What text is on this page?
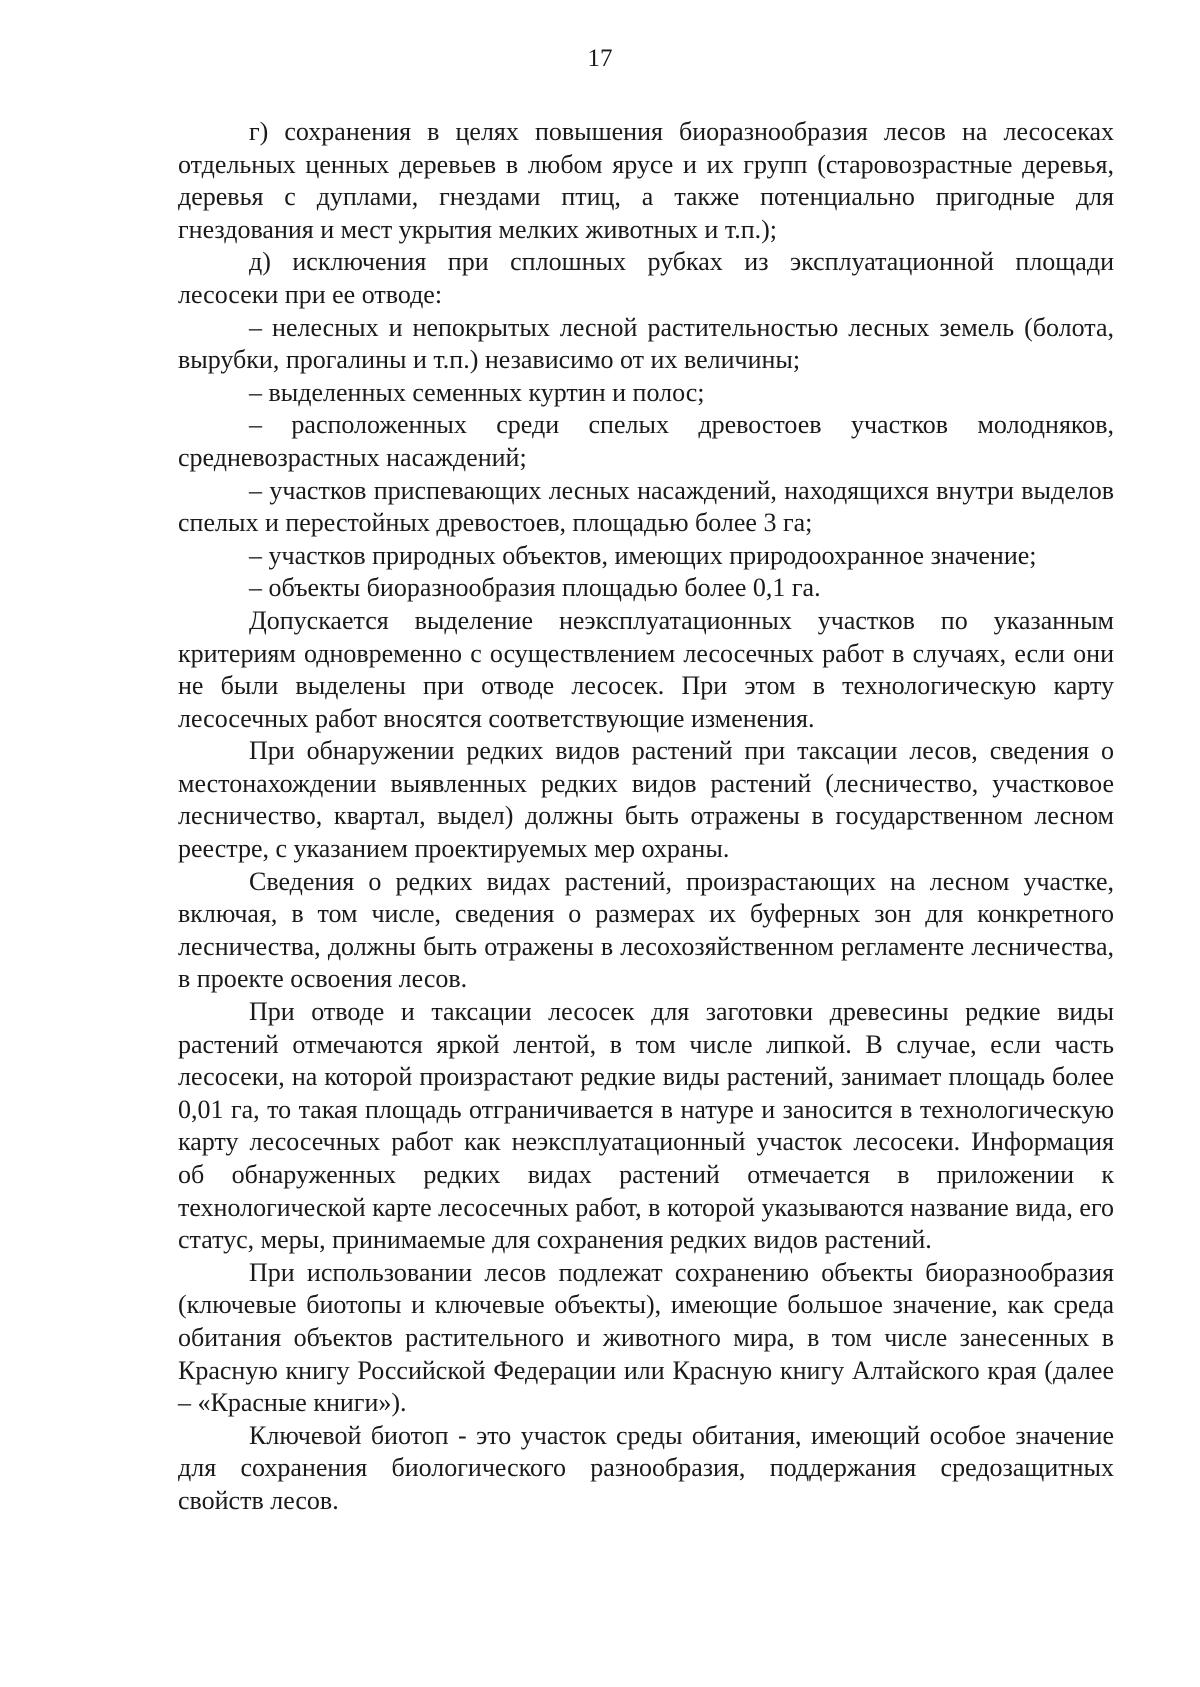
17

г) сохранения в целях повышения биоразнообразия лесов на лесосеках отдельных ценных деревьев в любом ярусе и их групп (старовозрастные деревья, деревья с дуплами, гнездами птиц, а также потенциально пригодные для гнездования и мест укрытия мелких животных и т.п.);

д) исключения при сплошных рубках из эксплуатационной площади лесосеки при ее отводе:

– нелесных и непокрытых лесной растительностью лесных земель (болота, вырубки, прогалины и т.п.) независимо от их величины;

– выделенных семенных куртин и полос;

– расположенных среди спелых древостоев участков молодняков, средневозрастных насаждений;

– участков приспевающих лесных насаждений, находящихся внутри выделов спелых и перестойных древостоев, площадью более 3 га;

– участков природных объектов, имеющих природоохранное значение;

– объекты биоразнообразия площадью более 0,1 га.

Допускается выделение неэксплуатационных участков по указанным критериям одновременно с осуществлением лесосечных работ в случаях, если они не были выделены при отводе лесосек. При этом в технологическую карту лесосечных работ вносятся соответствующие изменения.

При обнаружении редких видов растений при таксации лесов, сведения о местонахождении выявленных редких видов растений (лесничество, участковое лесничество, квартал, выдел) должны быть отражены в государственном лесном реестре, с указанием проектируемых мер охраны.

Сведения о редких видах растений, произрастающих на лесном участке, включая, в том числе, сведения о размерах их буферных зон для конкретного лесничества, должны быть отражены в лесохозяйственном регламенте лесничества, в проекте освоения лесов.

При отводе и таксации лесосек для заготовки древесины редкие виды растений отмечаются яркой лентой, в том числе липкой. В случае, если часть лесосеки, на которой произрастают редкие виды растений, занимает площадь более 0,01 га, то такая площадь отграничивается в натуре и заносится в технологическую карту лесосечных работ как неэксплуатационный участок лесосеки. Информация об обнаруженных редких видах растений отмечается в приложении к технологической карте лесосечных работ, в которой указываются название вида, его статус, меры, принимаемые для сохранения редких видов растений.

При использовании лесов подлежат сохранению объекты биоразнообразия (ключевые биотопы и ключевые объекты), имеющие большое значение, как среда обитания объектов растительного и животного мира, в том числе занесенных в Красную книгу Российской Федерации или Красную книгу Алтайского края (далее – «Красные книги»).

Ключевой биотоп - это участок среды обитания, имеющий особое значение для сохранения биологического разнообразия, поддержания средозащитных свойств лесов.
